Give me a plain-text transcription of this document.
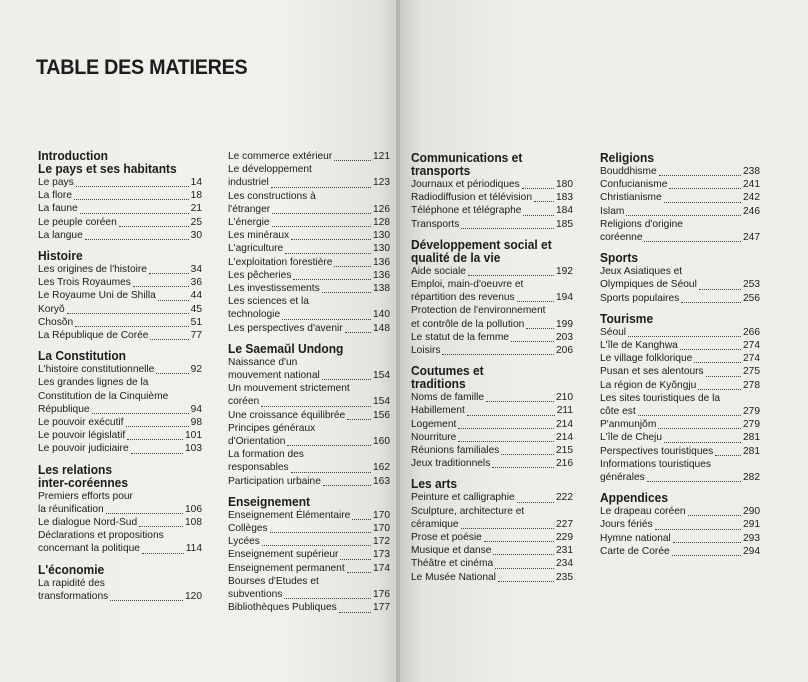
TABLE DES MATIERES
Introduction
Le pays et ses habitants
Le pays	14
La flore	18
La faune	21
Le peuple coréen	25
La langue	30
Histoire
Les origines de l'histoire	34
Les Trois Royaumes	36
Le Royaume Uni de Shilla	44
Koryŏ	45
Chosŏn	51
La République de Corée	77
La Constitution
L'histoire constitutionnelle	92
Les grandes lignes de la
Constitution de la Cinquième
République	94
Le pouvoir exécutif	98
Le pouvoir législatif	101
Le pouvoir judiciaire	103
Les relations
inter-coréennes
Premiers efforts pour
la réunification	106
Le dialogue Nord-Sud	108
Déclarations et propositions
concernant la politique	114
L'économie
La rapidité des
transformations	120
Le commerce extérieur	121
Le développement
industriel	123
Les constructions à
l'étranger	126
L'énergie	128
Les minéraux	130
L'agriculture	130
L'exploitation forestière	136
Les pêcheries	136
Les investissements	138
Les sciences et la
technologie	140
Les perspectives d'avenir	148
Le Saemaŭl Undong
Naissance d'un
mouvement national	154
Un mouvement strictement
coréen	154
Une croissance équilibrée	156
Principes généraux
d'Orientation	160
La formation des
responsables	162
Participation urbaine	163
Enseignement
Enseignement Élémentaire 170
Collèges	170
Lycées	172
Enseignement supérieur	173
Enseignement permanent	174
Bourses d'Etudes et
subventions	176
Bibliothèques Publiques	177
Communications et
transports
Journaux et périodiques	180
Radiodiffusion et télévision 183
Téléphone et télégraphe	184
Transports	185
Développement social et
qualité de la vie
Aide sociale	192
Emploi, main-d'oeuvre et
répartition des revenus	194
Protection de l'environnement
et contrôle de la pollution	199
Le statut de la femme	203
Loisirs	206
Coutumes et
traditions
Noms de famille	210
Habillement	211
Logement	214
Nourriture	214
Réunions familiales	215
Jeux traditionnels	216
Les arts
Peinture et calligraphie	222
Sculpture, architecture et
céramique	227
Prose et poésie	229
Musique et danse	231
Théâtre et cinéma	234
Le Musée National	235
Religions
Bouddhisme	238
Confucianisme	241
Christianisme	242
Islam	246
Religions d'origine
coréenne	247
Sports
Jeux Asiatiques et
Olympiques de Séoul	253
Sports populaires	256
Tourisme
Séoul	266
L'île de Kanghwa	274
Le village folklorique	274
Pusan et ses alentours	275
La région de Kyŏngju	278
Les sites touristiques de la
côte est	279
P'anmunjŏm	279
L'île de Cheju	281
Perspectives touristiques	281
Informations touristiques
générales	282
Appendices
Le drapeau coréen	290
Jours fériés	291
Hymne national	293
Carte de Corée	294
